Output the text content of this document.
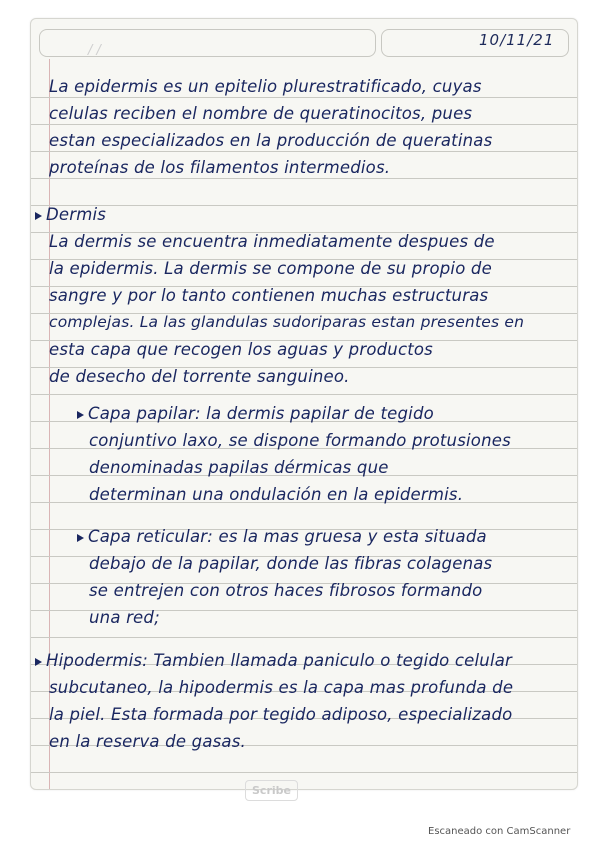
/ /
10/11/21
La epidermis es un epitelio plurestratificado, cuyas
celulas reciben el nombre de queratinocitos, pues
estan especializados en la producción de queratinas
proteínas de los filamentos intermedios.
Dermis
La dermis se encuentra inmediatamente despues de
la epidermis. La dermis se compone de su propio de
sangre y por lo tanto contienen muchas estructuras
complejas. La las glandulas sudoriparas estan presentes en
esta capa que recogen los aguas y productos
de desecho del torrente sanguineo.
Capa papilar: la dermis papilar de tegido
conjuntivo laxo, se dispone formando protusiones
denominadas papilas dérmicas que
determinan una ondulación en la epidermis.
Capa reticular: es la mas gruesa y esta situada
debajo de la papilar, donde las fibras colagenas
se entrejen con otros haces fibrosos formando
una red;
Hipodermis: Tambien llamada paniculo o tegido celular
subcutaneo, la hipodermis es la capa mas profunda de
la piel. Esta formada por tegido adiposo, especializado
en la reserva de gasas.
Scribe
Escaneado con CamScanner
